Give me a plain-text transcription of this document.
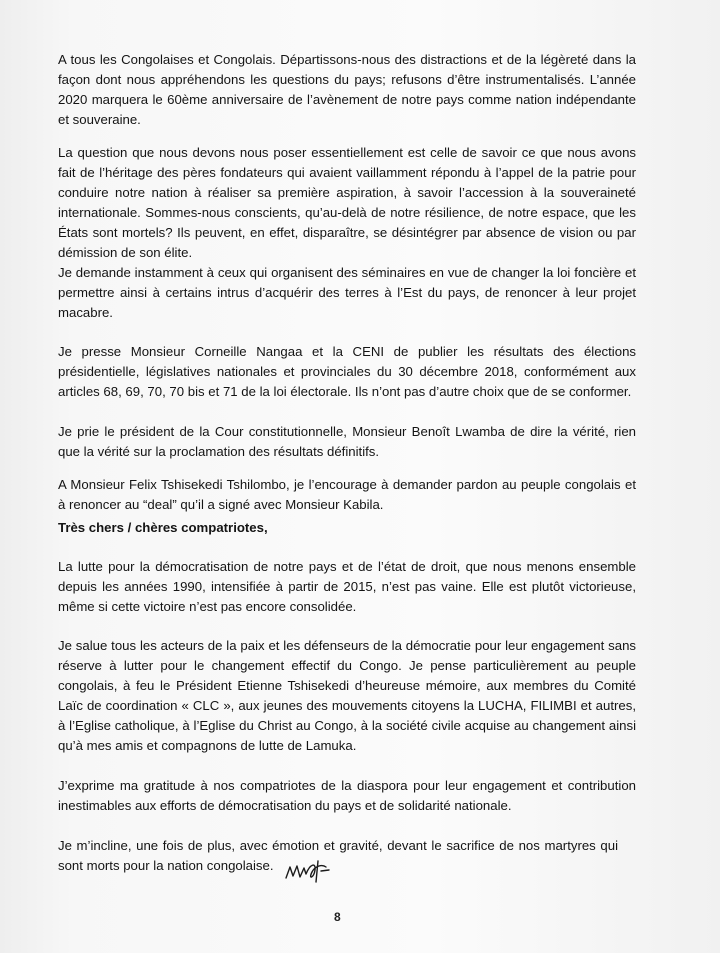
A tous les Congolaises et Congolais. Départissons-nous des distractions et de la légèreté dans la façon dont nous appréhendons les questions du pays; refusons d’être instrumentalisés. L’année 2020 marquera le 60ème anniversaire de l’avènement de notre pays comme nation indépendante et souveraine.

La question que nous devons nous poser essentiellement est celle de savoir ce que nous avons fait de l’héritage des pères fondateurs qui avaient vaillamment répondu à l’appel de la patrie pour conduire notre nation à réaliser sa première aspiration, à savoir l’accession à la souveraineté internationale. Sommes-nous conscients, qu’au-delà de notre résilience, de notre espace, que les États sont mortels? Ils peuvent, en effet, disparaître, se désintégrer par absence de vision ou par démission de son élite.

Je demande instamment à ceux qui organisent des séminaires en vue de changer la loi foncière et permettre ainsi à certains intrus d’acquérir des terres à l’Est du pays, de renoncer à leur projet macabre.

Je presse Monsieur Corneille Nangaa et la CENI de publier les résultats des élections présidentielle, législatives nationales et provinciales du 30 décembre 2018, conformément aux articles 68, 69, 70, 70 bis et 71 de la loi électorale. Ils n’ont pas d’autre choix que de se conformer.

Je prie le président de la Cour constitutionnelle, Monsieur Benoît Lwamba de dire la vérité, rien que la vérité sur la proclamation des résultats définitifs.

A Monsieur Felix Tshisekedi Tshilombo, je l’encourage à demander pardon au peuple congolais et à renoncer au “deal” qu’il a signé avec Monsieur Kabila.

Très chers / chères compatriotes,

La lutte pour la démocratisation de notre pays et de l’état de droit, que nous menons ensemble depuis les années 1990, intensifiée à partir de 2015, n’est pas vaine. Elle est plutôt victorieuse, même si cette victoire n’est pas encore consolidée.

Je salue tous les acteurs de la paix et les défenseurs de la démocratie pour leur engagement sans réserve à lutter pour le changement effectif du Congo. Je pense particulièrement au peuple congolais, à feu le Président Etienne Tshisekedi d’heureuse mémoire, aux membres du Comité Laïc de coordination « CLC », aux jeunes des mouvements citoyens la LUCHA, FILIMBI et autres, à l’Eglise catholique, à l’Eglise du Christ au Congo, à la société civile acquise au changement ainsi qu’à mes amis et compagnons de lutte de Lamuka.

J’exprime ma gratitude à nos compatriotes de la diaspora pour leur engagement et contribution inestimables aux efforts de démocratisation du pays et de solidarité nationale.

Je m’incline, une fois de plus, avec émotion et gravité, devant le sacrifice de nos martyres qui sont morts pour la nation congolaise.

8
